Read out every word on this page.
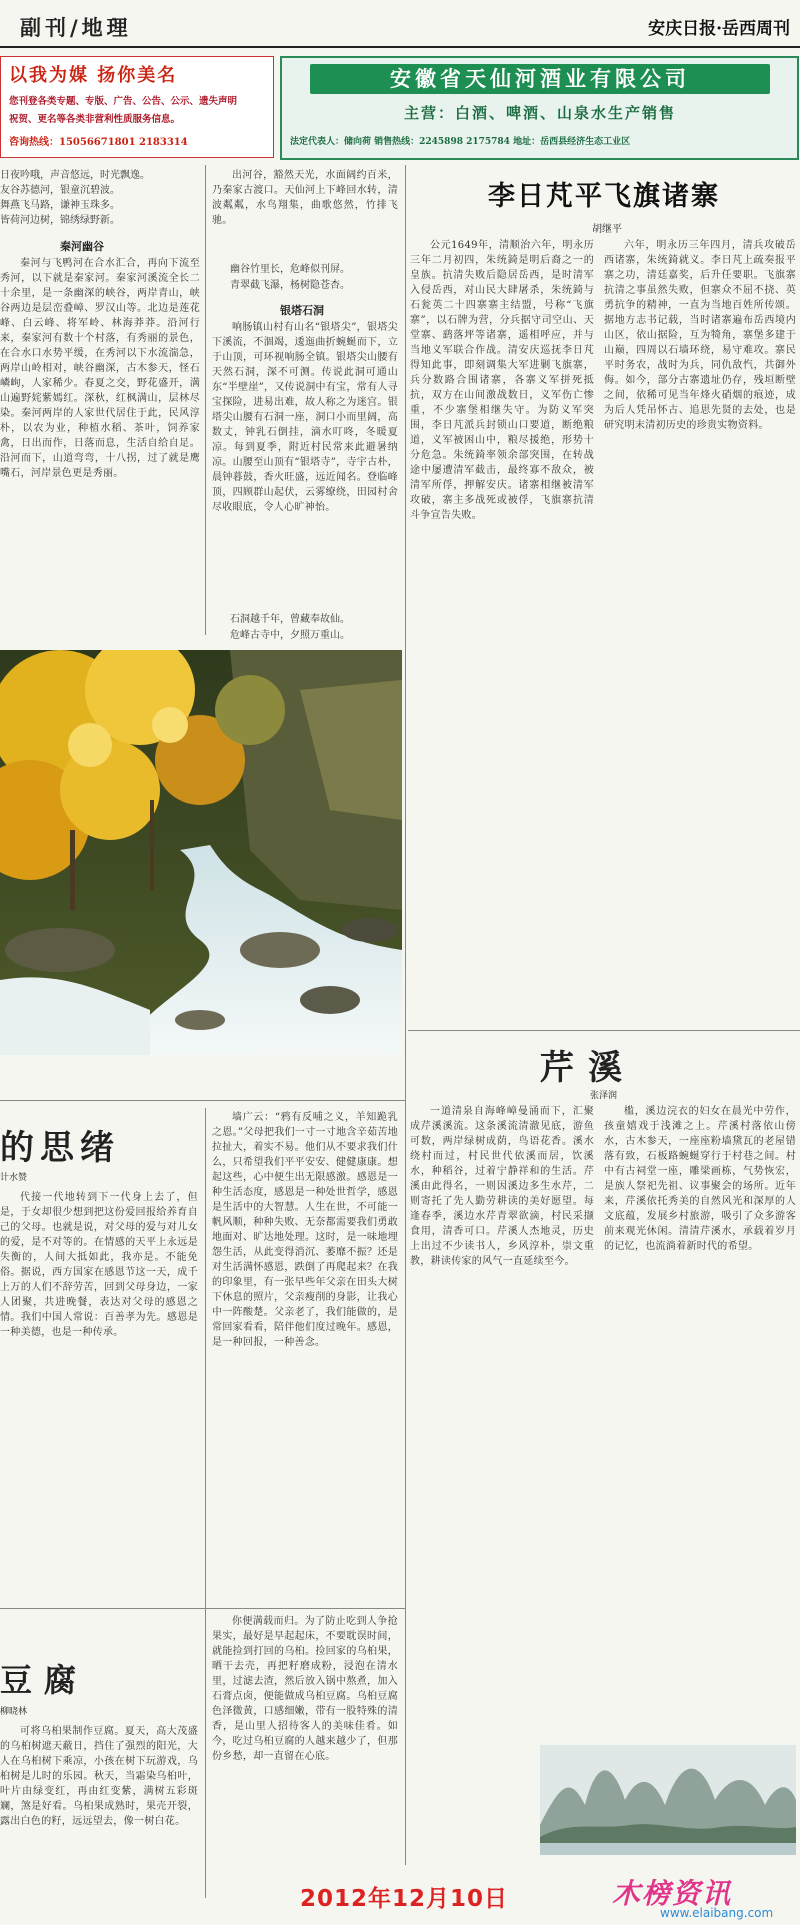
副刊/地理	安庆日报·岳西周刊
以我为媒 扬你美名
您刊登各类专题、专版、广告、公告、公示、遗失声明
祝贺、更名等各类非营利性质服务信息。
咨询热线：15056671801 2183314
安徽省天仙河酒业有限公司
主营：白酒、啤酒、山泉水生产销售
法定代表人：储向荷 销售热线：2245898 2175784 地址：岳西县经济生态工业区
日夜吟哦，声音悠远，时光飘逸。
友谷苏德河，银童沉碧波。
舞燕飞马路，谦神玉珠多。
皆荷河边树，锦绣绿野新。
秦河幽谷

秦河与飞鸭河在合水汇合，再向下流至秀河，以下就是秦家河。秦家河溪流全长二十余里，是一条幽深的峡谷，两岸青山，峡谷两边是层峦叠嶂、罗汉山等。北边是莲花峰、白云峰、将军岭、林海莽莽。沿河行来，秦家河有数十个村落，有秀丽的景色，在合水口水势平缓，在秀河以下水流湍急，两岸山岭相对，峡谷幽深，古木参天，怪石嶙峋，人家稀少。春夏之交，野花盛开，满山遍野姹紫嫣红。深秋，红枫满山，层林尽染。秦河两岸的人家世代居住于此，民风淳朴，以农为业，种植水稻、茶叶，饲养家禽，日出而作，日落而息，生活自给自足。沿河而下，山道弯弯，十八拐，过了就是鹰嘴石，河岸景色更是秀丽。

出河谷，豁然天光，水面阔约百米，乃秦家古渡口。天仙河上下峰回水转，清波粼粼，水鸟翔集，曲歌悠然，竹排飞驰。

幽谷竹里长，危峰似刊屏。
青翠截飞瀑，杨树隐苍杏。
银塔石洞

响肠镇山村有山名“银塔尖”，银塔尖下溪流，不涸竭，逶迤曲折蜿蜒而下，立于山顶，可环视响肠全镇。银塔尖山腰有天然石洞，深不可测。传说此洞可通山东“半壁崖”，又传说洞中有宝，常有人寻宝探险，进易出难，故人称之为迷宫。银塔尖山腰有石洞一座，洞口小而里阔，高数丈，钟乳石倒挂，滴水叮咚，冬暖夏凉。每到夏季，附近村民常来此避暑纳凉。山腰至山顶有“银塔寺”，寺宇古朴，晨钟暮鼓，香火旺盛，远近闻名。登临峰顶，四顾群山起伏，云雾缭绕，田园村舍尽收眼底，令人心旷神怡。

石洞越千年，曾藏奉故仙。
危峰古寺中，夕照万重山。
李日芃平飞旗诸寨
胡继平

公元1649年，清顺治六年，明永历三年二月初四，朱统錡是明后裔之一的皇族。抗清失败后隐居岳西，是时清军入侵岳西，对山民大肆屠杀，朱统錡与石瓮英二十四寨寨主结盟，号称“飞旗寨”，以石牌为营，分兵据守司空山、天堂寨、鹞落坪等诸寨，遥相呼应，并与当地义军联合作战。清安庆巡抚李日芃得知此事，即刻调集大军进剿飞旗寨，兵分数路合围诸寨，各寨义军拼死抵抗，双方在山间激战数日，义军伤亡惨重，不少寨堡相继失守。为防义军突围，李日芃派兵封锁山口要道，断绝粮道，义军被困山中，粮尽援绝，形势十分危急。朱统錡率领余部突围，在转战途中屡遭清军截击，最终寡不敌众，被清军所俘，押解安庆。诸寨相继被清军攻破，寨主多战死或被俘，飞旗寨抗清斗争宣告失败。

六年，明永历三年四月，清兵攻破岳西诸寨，朱统錡就义。李日芃上疏奏报平寨之功，清廷嘉奖，后升任要职。飞旗寨抗清之事虽然失败，但寨众不屈不挠、英勇抗争的精神，一直为当地百姓所传颂。据地方志书记载，当时诸寨遍布岳西境内山区，依山据险，互为犄角，寨堡多建于山巅，四周以石墙环绕，易守难攻。寨民平时务农，战时为兵，同仇敌忾，共御外侮。如今，部分古寨遗址仍存，残垣断壁之间，依稀可见当年烽火硝烟的痕迹，成为后人凭吊怀古、追思先贤的去处，也是研究明末清初历史的珍贵实物资料。

的思绪
计水赞

代接一代地转到下一代身上去了，但是，于女却很少想到把这份爱回报给养育自己的父母。也就是说，对父母的爱与对儿女的爱，是不对等的。在情感的天平上永远是失衡的，人间大抵如此，我亦是。不能免俗。据说，西方国家在感恩节这一天，成千上万的人们不辞劳苦，回到父母身边，一家人团聚，共进晚餐，表达对父母的感恩之情。我们中国人常说：百善孝为先。感恩是一种美德，也是一种传承。

墙广云：“鸦有反哺之义，羊知跪乳之恩。”父母把我们一寸一寸地含辛茹苦地拉扯大，着实不易。他们从不要求我们什么，只希望我们平平安安、健健康康。想起这些，心中便生出无限感激。感恩是一种生活态度，感恩是一种处世哲学，感恩是生活中的大智慧。人生在世，不可能一帆风顺，种种失败、无奈都需要我们勇敢地面对、旷达地处理。这时，是一味地埋怨生活，从此变得消沉、萎靡不振？还是对生活满怀感恩，跌倒了再爬起来？在我的印象里，有一张早些年父亲在田头大树下休息的照片，父亲瘦削的身影，让我心中一阵酸楚。父亲老了，我们能做的，是常回家看看，陪伴他们度过晚年。感恩，是一种回报，一种善念。

豆腐
柳晓林

可将乌桕果制作豆腐。夏天，高大茂盛的乌桕树遮天蔽日，挡住了强烈的阳光，大人在乌桕树下乘凉，小孩在树下玩游戏，乌桕树是儿时的乐园。秋天，当霜染乌桕叶，叶片由绿变红，再由红变紫，满树五彩斑斓，煞是好看。乌桕果成熟时，果壳开裂，露出白色的籽，远远望去，像一树白花。

你便满载而归。为了防止吃到人争抢果实，最好是早起起床，不要耽误时间，就能捡到打回的乌桕。捡回家的乌桕果，晒干去壳，再把籽磨成粉，浸泡在清水里，过滤去渣，然后放入锅中熬煮，加入石膏点卤，便能做成乌桕豆腐。乌桕豆腐色泽微黄，口感细嫩，带有一股特殊的清香，是山里人招待客人的美味佳肴。如今，吃过乌桕豆腐的人越来越少了，但那份乡愁，却一直留在心底。

芹溪
张泽润

一道清泉自海峰嶂曼涌而下，汇聚成芹溪溪流。这条溪流清澈见底，游鱼可数，两岸绿树成荫，鸟语花香。溪水绕村而过，村民世代依溪而居，饮溪水，种稻谷，过着宁静祥和的生活。芹溪由此得名，一则因溪边多生水芹，二则寄托了先人勤劳耕读的美好愿望。每逢春季，溪边水芹青翠欲滴，村民采撷食用，清香可口。芹溪人杰地灵，历史上出过不少读书人，乡风淳朴，崇文重教，耕读传家的风气一直延续至今。

槛，溪边浣衣的妇女在晨光中劳作，孩童嬉戏于浅滩之上。芹溪村落依山傍水，古木参天，一座座粉墙黛瓦的老屋错落有致，石板路蜿蜒穿行于村巷之间。村中有古祠堂一座，雕梁画栋，气势恢宏，是族人祭祀先祖、议事聚会的场所。近年来，芹溪依托秀美的自然风光和深厚的人文底蕴，发展乡村旅游，吸引了众多游客前来观光休闲。清清芹溪水，承载着岁月的记忆，也流淌着新时代的希望。

2012年12月10日	木榜资讯
www.elaibang.com
